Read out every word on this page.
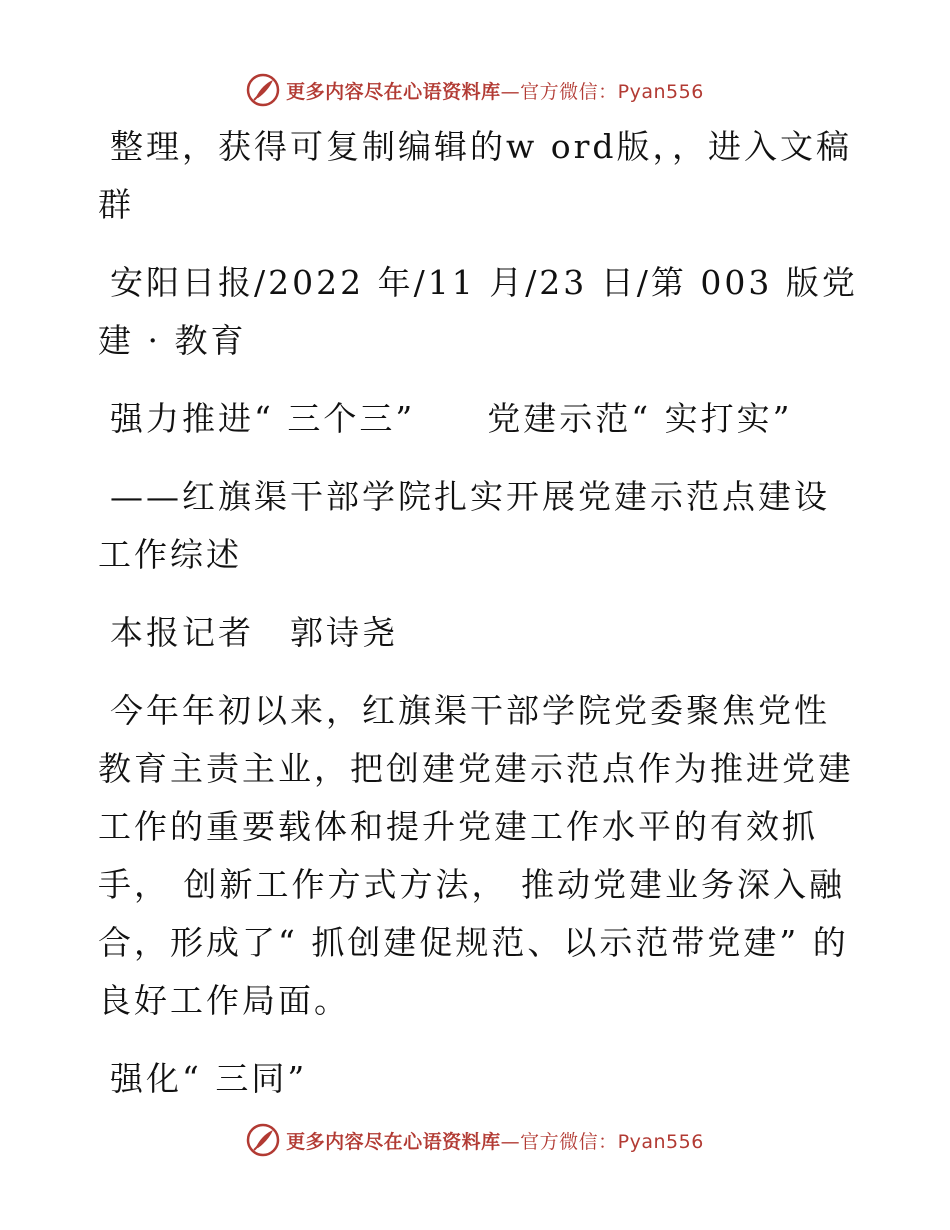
更多内容尽在心语资料库—官方微信：Pyan556

整理，获得可复制编辑的w ord版，，进入文稿群

安阳日报/2022 年/11 月/23 日/第 003 版党建 · 教育

强力推进“ 三个三”　　党建示范“ 实打实”

——红旗渠干部学院扎实开展党建示范点建设工作综述

本报记者　郭诗尧

今年年初以来，红旗渠干部学院党委聚焦党性教育主责主业，把创建党建示范点作为推进党建工作的重要载体和提升党建工作水平的有效抓手， 创新工作方式方法， 推动党建业务深入融合，形成了“ 抓创建促规范、以示范带党建” 的良好工作局面。

强化“ 三同”

更多内容尽在心语资料库—官方微信：Pyan556
